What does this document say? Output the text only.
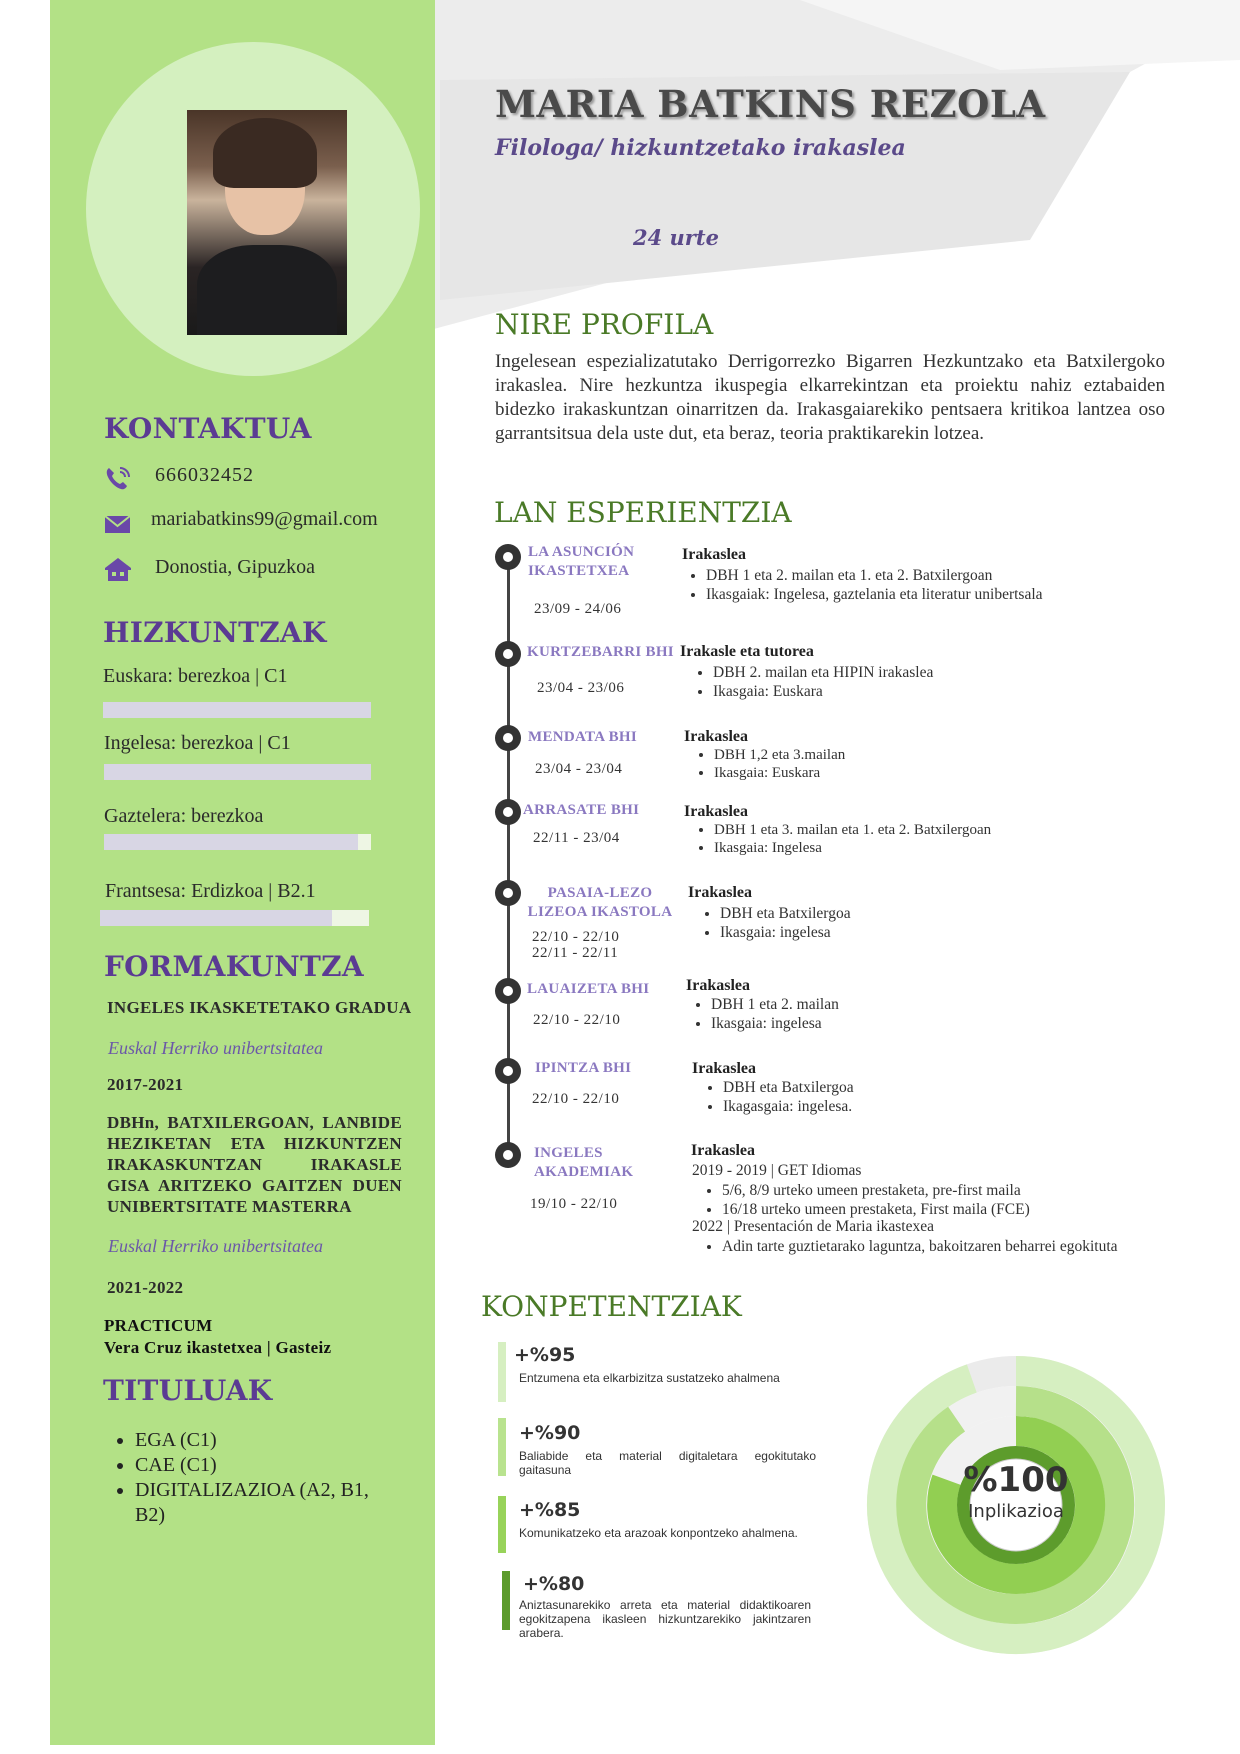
KONTAKTUA
666032452
mariabatkins99@gmail.com
Donostia, Gipuzkoa
HIZKUNTZAK
Euskara: berezkoa | C1
Ingelesa: berezkoa | C1
Gaztelera: berezkoa
Frantsesa: Erdizkoa | B2.1
FORMAKUNTZA
INGELES IKASKETETAKO GRADUA
Euskal Herriko unibertsitatea
2017-2021
DBHn, BATXILERGOAN, LANBIDE HEZIKETAN ETA HIZKUNTZEN IRAKASKUNTZAN IRAKASLE GISA ARITZEKO GAITZEN DUEN UNIBERTSITATE MASTERRA
Euskal Herriko unibertsitatea
2021-2022
PRACTICUM
Vera Cruz ikastetxea | Gasteiz
TITULUAK
• EGA (C1)
• CAE (C1)
• DIGITALIZAZIOA (A2, B1, B2)
MARIA BATKINS REZOLA
Filologa/ hizkuntzetako irakaslea
24 urte
NIRE PROFILA
Ingelesean espezializatutako Derrigorrezko Bigarren Hezkuntzako eta Batxilergoko irakaslea. Nire hezkuntza ikuspegia elkarrekintzan eta proiektu nahiz eztabaiden bidezko irakaskuntzan oinarritzen da. Irakasgaiarekiko pentsaera kritikoa lantzea oso garrantsitsua dela uste dut, eta beraz, teoria praktikarekin lotzea.
LAN ESPERIENTZIA
LA ASUNCIÓN IKASTETXEA
23/09 - 24/06
Irakaslea
• DBH 1 eta 2. mailan eta 1. eta 2. Batxilergoan
• Ikasgaiak: Ingelesa, gaztelania eta literatur unibertsala
KURTZEBARRI BHI
23/04 - 23/06
Irakasle eta tutorea
• DBH 2. mailan eta HIPIN irakaslea
• Ikasgaia: Euskara
MENDATA BHI
23/04 - 23/04
Irakaslea
• DBH 1,2 eta 3.mailan
• Ikasgaia: Euskara
ARRASATE BHI
22/11 - 23/04
Irakaslea
• DBH 1 eta 3. mailan eta 1. eta 2. Batxilergoan
• Ikasgaia: Ingelesa
PASAIA-LEZO LIZEOA IKASTOLA
22/10 - 22/10
22/11 - 22/11
Irakaslea
• DBH eta Batxilergoa
• Ikasgaia: ingelesa
LAUAIZETA BHI
22/10 - 22/10
Irakaslea
• DBH 1 eta 2. mailan
• Ikasgaia: ingelesa
IPINTZA BHI
22/10 - 22/10
Irakaslea
• DBH eta Batxilergoa
• Ikagasgaia: ingelesa.
INGELES AKADEMIAK
19/10 - 22/10
Irakaslea
2019 - 2019 | GET Idiomas
• 5/6, 8/9 urteko umeen prestaketa, pre-first maila
• 16/18 urteko umeen prestaketa, First maila (FCE)
2022 | Presentación de Maria ikastexea
• Adin tarte guztietarako laguntza, bakoitzaren beharrei egokituta
KONPETENTZIAK
+%95
Entzumena eta elkarbizitza sustatzeko ahalmena
+%90
Baliabide eta material digitaletara egokitutako gaitasuna
+%85
Komunikatzeko eta arazoak konpontzeko ahalmena.
+%80
Aniztasunarekiko arreta eta material didaktikoaren egokitzapena ikasleen hizkuntzarekiko jakintzaren arabera.
%100
Inplikazioa
